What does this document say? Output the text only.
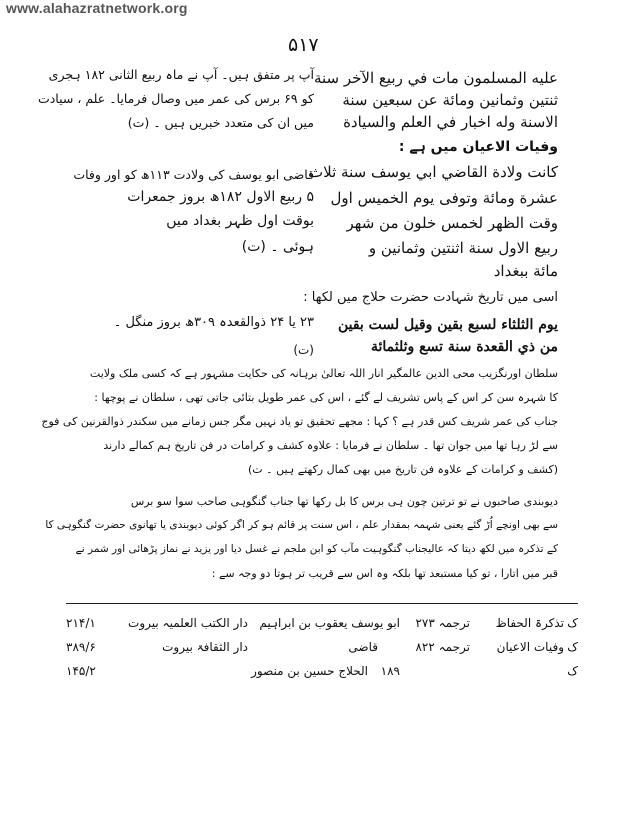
www.alahazratnetwork.org
۵۱۷
عليه المسلمون مات في ربيع الآخر سنة
ثنتين وثمانين ومائة عن سبعين سنة
الاسنة وله اخبار في العلم والسيادة
وفیات الاعیان میں ہے :
كانت ولادة القاضي ابي يوسف سنة ثلاث
عشرة ومائة وتوفى يوم الخميس اول
وقت الظهر لخمس خلون من شهر
ربيع الاول سنة اثنتين وثمانين و
مائة ببغداد
آپ پر متفق ہیں۔ آپ نے ماہ ربیع الثانی ۱۸۲ ہجری
کو ۶۹ برس کی عمر میں وصال فرمایا۔ علم ، سیادت
میں ان کی متعدد خبریں ہیں ۔ (ت)
قاضی ابو یوسف کی ولادت ۱۱۳ھ کو اور وفات
۵ ربیع الاول ۱۸۲ھ بروز جمعرات
بوقت اول ظہر بغداد میں
ہوئی ۔ (ت)
اسی میں تاریخ شہادت حضرت حلاج میں لکھا :
يوم الثلثاء لسبع بقين وقيل لست بقين
من ذي القعدة سنة تسع وثلثمائة
۲۳ یا ۲۴ ذوالقعدہ ۳۰۹ھ بروز منگل ۔
(ت)
سلطان اورنگزیب محی الدین عالمگیر انار اللہ تعالیٰ برہانہ کی حکایت مشہور ہے کہ کسی ملک ولایت
کا شہرہ سن کر اس کے پاس تشریف لے گئے ، اس کی عمر طویل بتائی جاتی تھی ، سلطان نے پوچھا :
جناب کی عمر شریف کس قدر ہے ؟ کہا : مجھے تحقیق تو یاد نہیں مگر جس زمانے میں سکندر ذوالقرنین کی فوج
سے لڑ رہا تھا میں جوان تھا ۔ سلطان نے فرمایا : علاوہ کشف و کرامات در فن تاریخ ہم کمالے دارند
(کشف و کرامات کے علاوہ فن تاریخ میں بھی کمال رکھتے ہیں ۔ ت)
دیوبندی صاحبوں نے تو ترتین چون ہی برس کا بل رکھا تھا جناب گنگوہی صاحب سوا سو برس
سے بھی اونچے اُڑ گئے یعنی شہمہ بمقدار علم ، اس سنت پر قائم ہو کر اگر کوئی دیوبندی یا تھانوی حضرت گنگوہی کا
کے تذکرہ میں لکھ دیتا کہ عالیجناب گنگوہیت مآب کو ابن ملجم نے غسل دیا اور یزید نے نماز پڑھائی اور شمر نے
قبر میں اتارا ، تو کیا مستبعد تھا بلکہ وہ اس سے قریب تر ہوتا دو وجہ سے :
ک
تذکرۃ الحفاظ
ترجمہ ۲۷۳
ابو یوسف یعقوب بن ابراہیم
دار الکتب العلمیہ بیروت
۲۱۴/۱
ک
وفیات الاعیان
ترجمہ ۸۲۲
قاضی
دار الثقافۃ بیروت
۳۸۹/۶
ک
۱۸۹
الحلاج حسین بن منصور
۱۴۵/۲
